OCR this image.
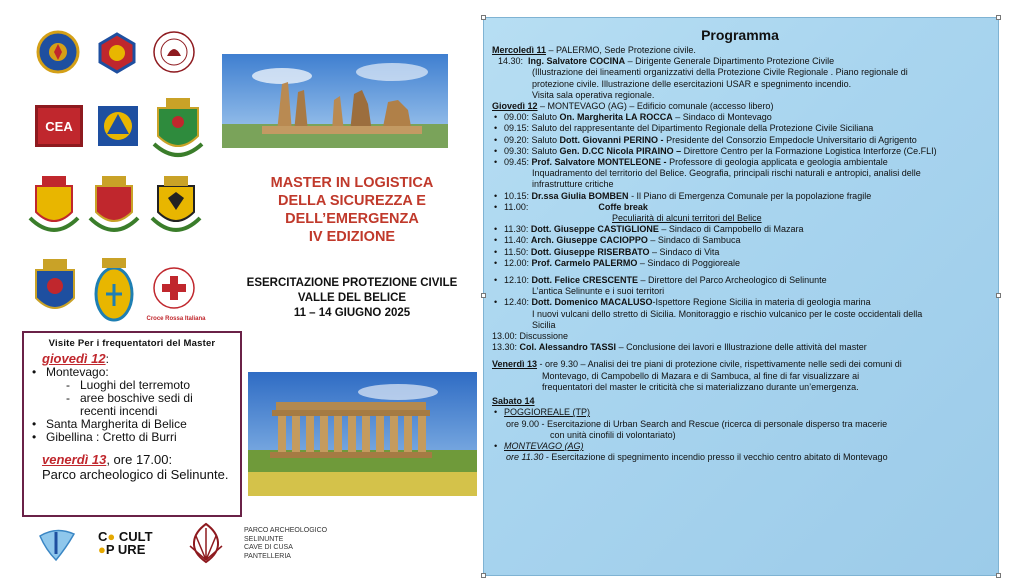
CEA
Croce Rossa Italiana
Visite Per i frequentatori del Master
giovedì 12:
• Montevago:
- Luoghi del terremoto
- aree boschive sedi di recenti incendi
• Santa Margherita di Belice
• Gibellina : Cretto di Burri
venerdì 13, ore 17.00:
Parco archeologico di Selinunte.
MASTER IN LOGISTICA
DELLA SICUREZZA E
DELL’EMERGENZA
IV EDIZIONE
ESERCITAZIONE PROTEZIONE CIVILE
VALLE DEL BELICE
11 – 14 GIUGNO 2025
C● CULT
●P URE
PARCO ARCHEOLOGICO
SELINUNTE
CAVE DI CUSA
PANTELLERIA
Programma
Mercoledì 11 – PALERMO, Sede Protezione civile.
14.30: Ing. Salvatore COCINA – Dirigente Generale Dipartimento Protezione Civile
(Illustrazione dei lineamenti organizzativi della Protezione Civile Regionale . Piano regionale di
protezione civile. Illustrazione delle esercitazioni USAR e spegnimento incendio.
Visita sala operativa regionale.
Giovedì 12 – MONTEVAGO (AG) – Edificio comunale (accesso libero)
• 09.00: Saluto On. Margherita LA ROCCA – Sindaco di Montevago
• 09.15: Saluto del rappresentante del Dipartimento Regionale della Protezione Civile Siciliana
• 09.20: Saluto Dott. Giovanni PERINO - Presidente del Consorzio Empedocle Universitario di Agrigento
• 09.30: Saluto Gen. D.CC Nicola PIRAINO – Direttore Centro per la Formazione Logistica Interforze (Ce.FLI)
• 09.45: Prof. Salvatore MONTELEONE - Professore di geologia applicata e geologia ambientale
Inquadramento del territorio del Belice. Geografia, principali rischi naturali e antropici, analisi delle
infrastrutture critiche
• 10.15: Dr.ssa Giulia BOMBEN - Il Piano di Emergenza Comunale per la popolazione fragile
• 11.00:	Coffe break
Peculiarità di alcuni territori del Belice
• 11.30: Dott. Giuseppe CASTIGLIONE – Sindaco di Campobello di Mazara
• 11.40: Arch. Giuseppe CACIOPPO – Sindaco di Sambuca
• 11.50: Dott. Giuseppe RISERBATO – Sindaco di Vita
• 12.00: Prof. Carmelo PALERMO – Sindaco di Poggioreale
• 12.10: Dott. Felice CRESCENTE – Direttore del Parco Archeologico di Selinunte
L’antica Selinunte e i suoi territori
• 12.40: Dott. Domenico MACALUSO-Ispettore Regione Sicilia in materia di geologia marina
I nuovi vulcani dello stretto di Sicilia. Monitoraggio e rischio vulcanico per le coste occidentali della
Sicilia
13.00: Discussione
13.30: Col. Alessandro TASSI – Conclusione dei lavori e Illustrazione delle attività del master
Venerdì 13 - ore 9.30 – Analisi dei tre piani di protezione civile, rispettivamente nelle sedi dei comuni di
Montevago, di Campobello di Mazara e di Sambuca, al fine di far visualizzare ai
frequentatori del master le criticità che si materializzano durante un’emergenza.
Sabato 14
• POGGIOREALE (TP)
ore 9.00 - Esercitazione di Urban Search and Rescue (ricerca di personale disperso tra macerie
con unità cinofili di volontariato)
• MONTEVAGO (AG)
ore 11.30 - Esercitazione di spegnimento incendio presso il vecchio centro abitato di Montevago
